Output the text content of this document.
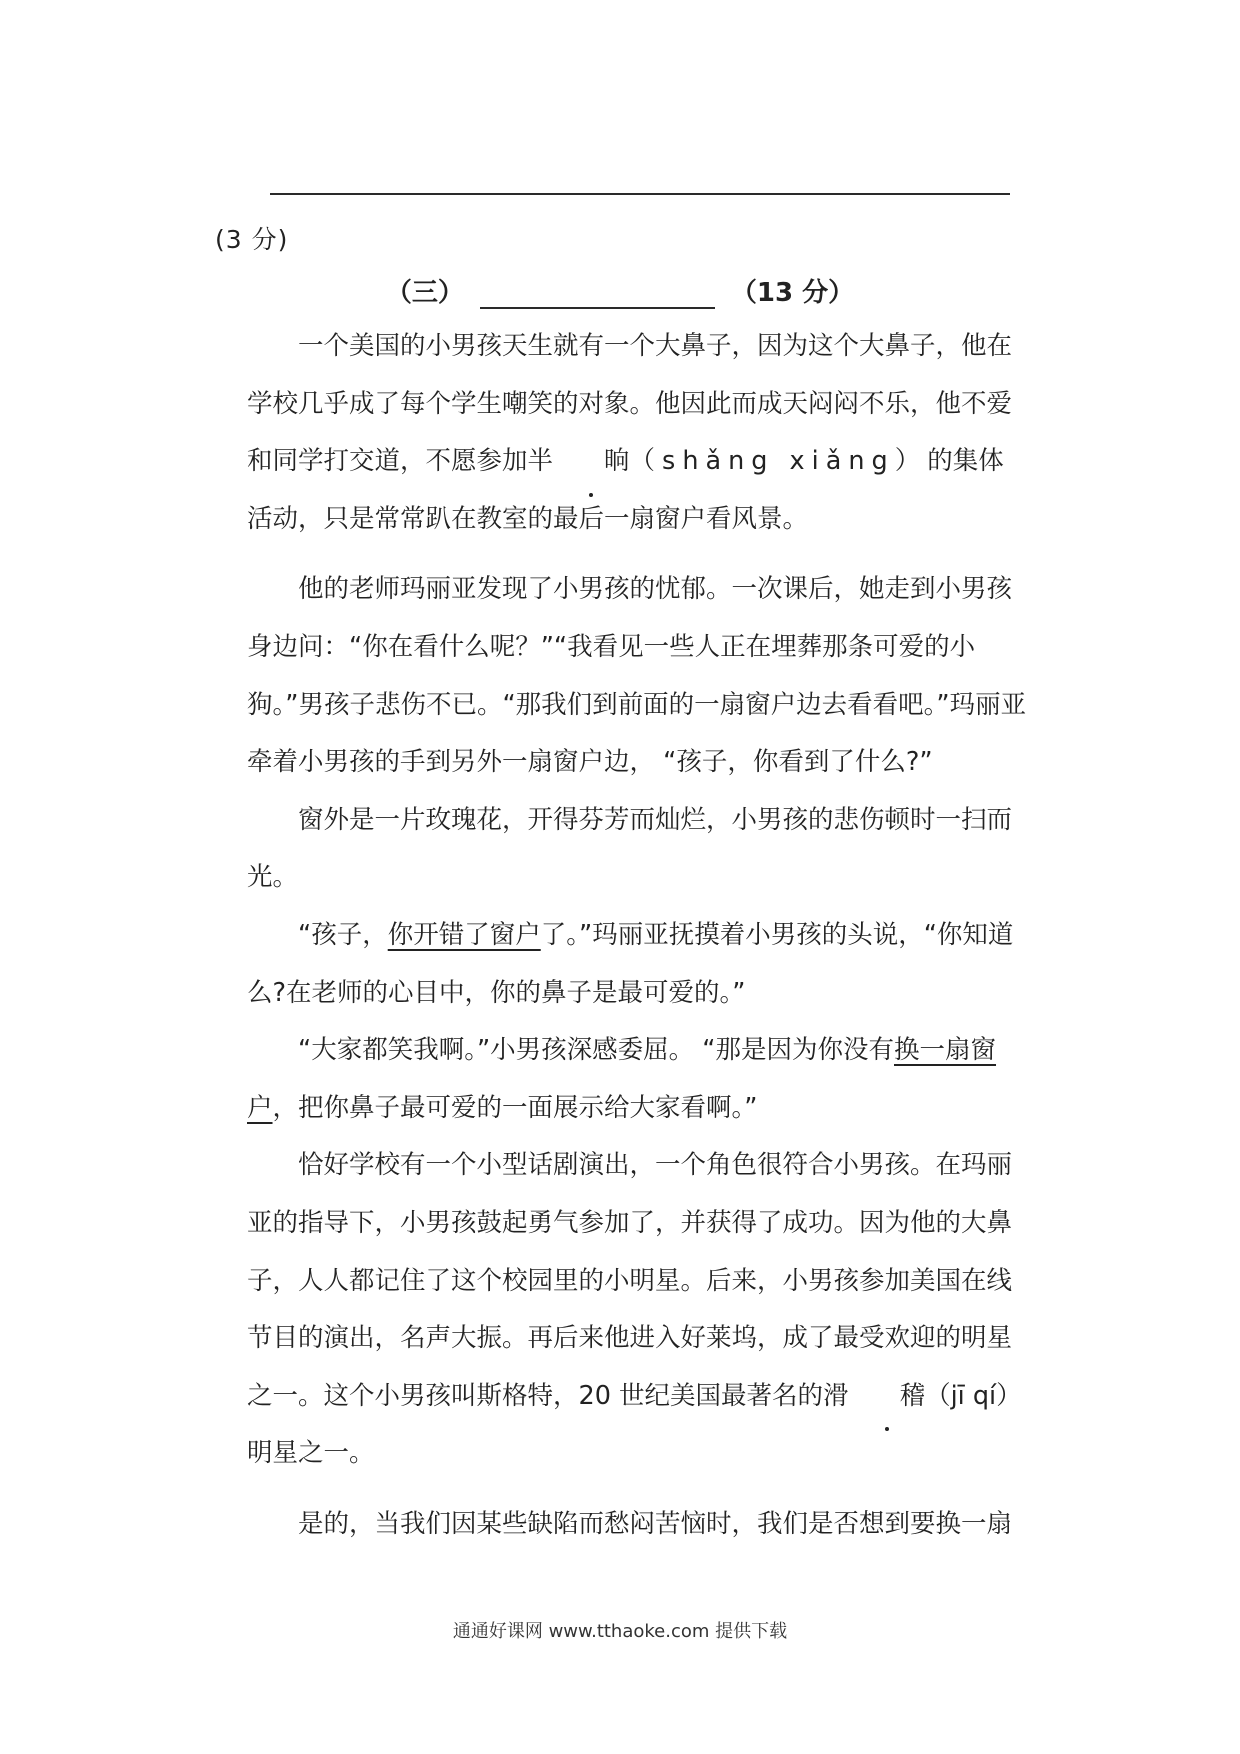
(3 分)
（三）	（13 分）

一个美国的小男孩天生就有一个大鼻子，因为这个大鼻子，他在学校几乎成了每个学生嘲笑的对象。他因此而成天闷闷不乐，他不爱和同学打交道，不愿参加半 晌（shǎng xiǎng）的集体活动，只是常常趴在教室的最后一扇窗户看风景。

他的老师玛丽亚发现了小男孩的忧郁。一次课后，她走到小男孩身边问：“你在看什么呢？”“我看见一些人正在埋葬那条可爱的小狗。”男孩子悲伤不已。“那我们到前面的一扇窗户边去看看吧。”玛丽亚牵着小男孩的手到另外一扇窗户边， “孩子，你看到了什么?”

窗外是一片玫瑰花，开得芬芳而灿烂，小男孩的悲伤顿时一扫而光。

“孩子，你开错了窗户了。”玛丽亚抚摸着小男孩的头说，“你知道么?在老师的心目中，你的鼻子是最可爱的。”

“大家都笑我啊。”小男孩深感委屈。 “那是因为你没有换一扇窗户，把你鼻子最可爱的一面展示给大家看啊。”

恰好学校有一个小型话剧演出，一个角色很符合小男孩。在玛丽亚的指导下，小男孩鼓起勇气参加了，并获得了成功。因为他的大鼻子，人人都记住了这个校园里的小明星。后来，小男孩参加美国在线节目的演出，名声大振。再后来他进入好莱坞，成了最受欢迎的明星之一。这个小男孩叫斯格特，20 世纪美国最著名的滑 稽（jī qí）明星之一。

是的，当我们因某些缺陷而愁闷苦恼时，我们是否想到要换一扇

通通好课网 www.tthaoke.com 提供下载
